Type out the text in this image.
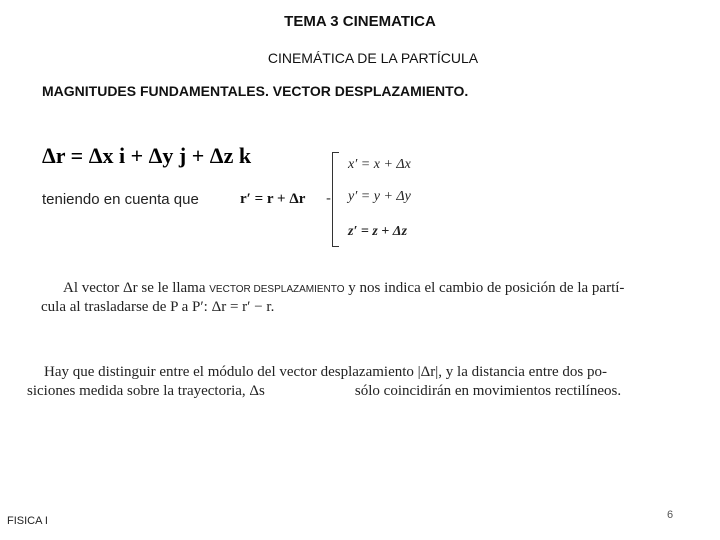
TEMA 3 CINEMATICA
CINEMÁTICA DE LA PARTÍCULA
MAGNITUDES FUNDAMENTALES. VECTOR DESPLAZAMIENTO.
Δr = Δx i + Δy j + Δz k
teniendo en cuenta que	r′ = r + Δr -
x′ = x + Δx
y′ = y + Δy
z′ = z + Δz
Al vector Δr se le llama VECTOR DESPLAZAMIENTO y nos indica el cambio de posición de la partí-
cula al trasladarse de P a P′: Δr = r′ − r.
Hay que distinguir entre el módulo del vector desplazamiento |Δr|, y la distancia entre dos po-
siciones medida sobre la trayectoria, Δs	sólo coincidirán en movimientos rectilíneos.
FISICA I	6
